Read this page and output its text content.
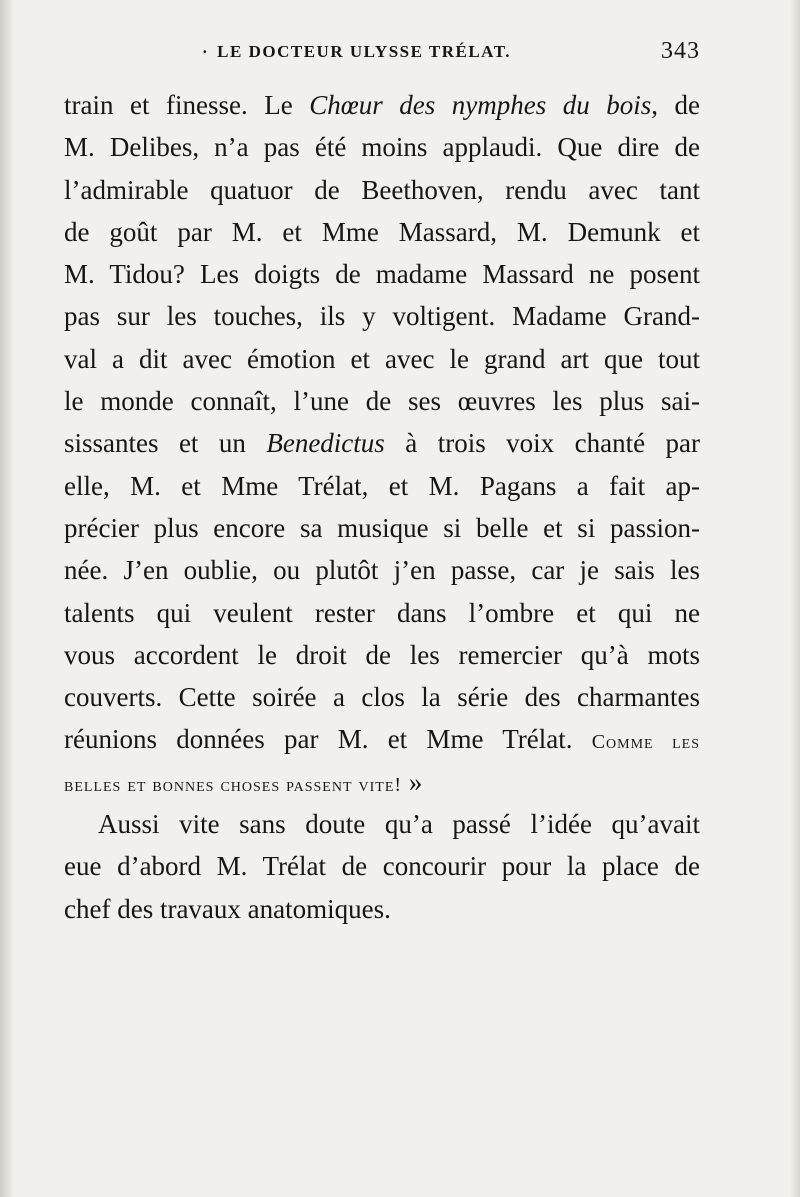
· LE DOCTEUR ULYSSE TRÉLAT.	343
train et finesse. Le Chœur des nymphes du bois, de
M. Delibes, n’a pas été moins applaudi. Que dire de
l’admirable quatuor de Beethoven, rendu avec tant
de goût par M. et Mme Massard, M. Demunk et
M. Tidou? Les doigts de madame Massard ne posent
pas sur les touches, ils y voltigent. Madame Grand-
val a dit avec émotion et avec le grand art que tout
le monde connaît, l’une de ses œuvres les plus sai-
sissantes et un Benedictus à trois voix chanté par
elle, M. et Mme Trélat, et M. Pagans a fait ap-
précier plus encore sa musique si belle et si passion-
née. J’en oublie, ou plutôt j’en passe, car je sais les
talents qui veulent rester dans l’ombre et qui ne
vous accordent le droit de les remercier qu’à mots
couverts. Cette soirée a clos la série des charmantes
réunions données par M. et Mme Trélat. Comme les
belles et bonnes choses passent vite! »
Aussi vite sans doute qu’a passé l’idée qu’avait
eue d’abord M. Trélat de concourir pour la place de
chef des travaux anatomiques.
